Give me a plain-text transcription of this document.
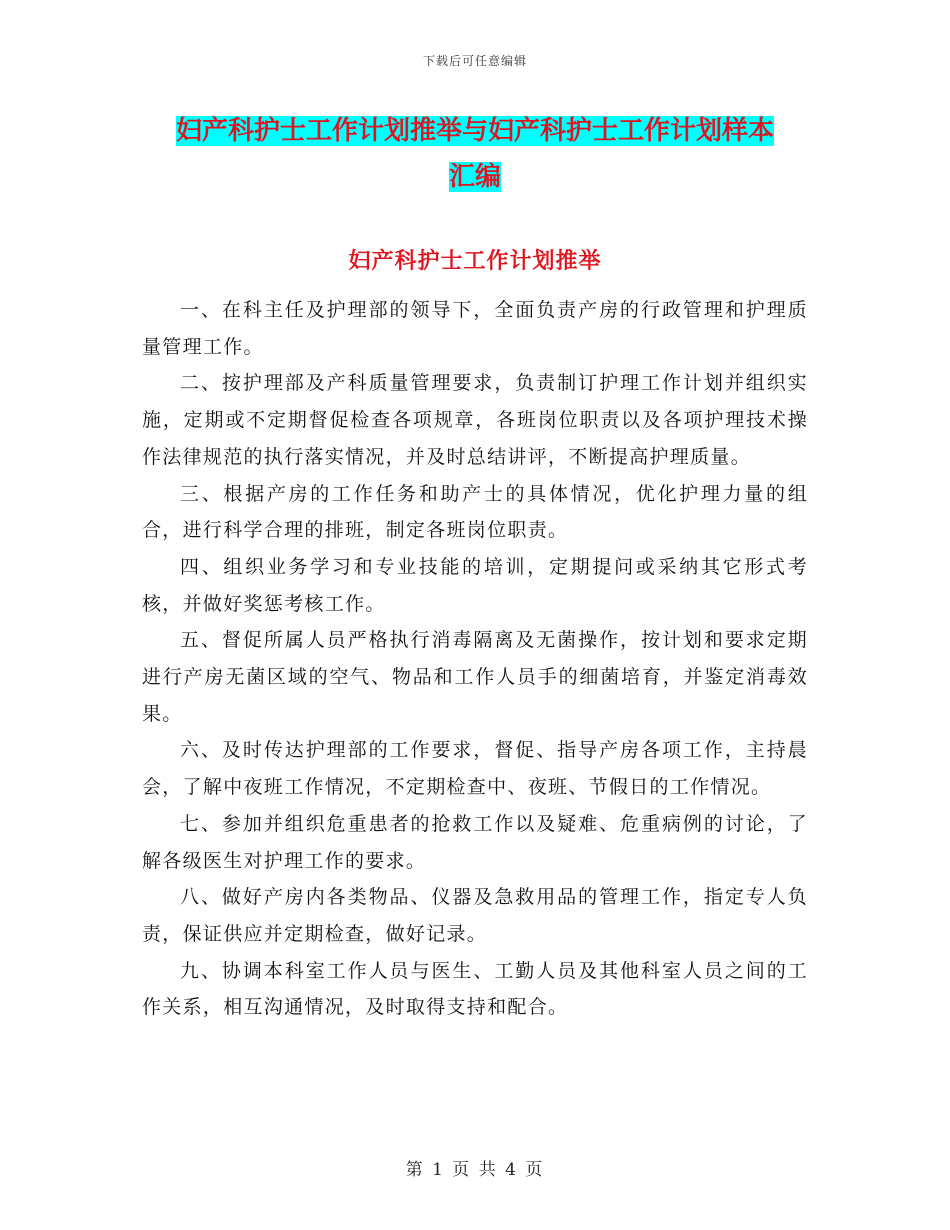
下载后可任意编辑
妇产科护士工作计划推举与妇产科护士工作计划样本
汇编
妇产科护士工作计划推举

一、在科主任及护理部的领导下，全面负责产房的行政管理和护理质量管理工作。

二、按护理部及产科质量管理要求，负责制订护理工作计划并组织实施，定期或不定期督促检查各项规章，各班岗位职责以及各项护理技术操作法律规范的执行落实情况，并及时总结讲评，不断提高护理质量。

三、根据产房的工作任务和助产士的具体情况，优化护理力量的组合，进行科学合理的排班，制定各班岗位职责。

四、组织业务学习和专业技能的培训，定期提问或采纳其它形式考核，并做好奖惩考核工作。

五、督促所属人员严格执行消毒隔离及无菌操作，按计划和要求定期进行产房无菌区域的空气、物品和工作人员手的细菌培育，并鉴定消毒效果。

六、及时传达护理部的工作要求，督促、指导产房各项工作，主持晨会，了解中夜班工作情况，不定期检查中、夜班、节假日的工作情况。

七、参加并组织危重患者的抢救工作以及疑难、危重病例的讨论，了解各级医生对护理工作的要求。

八、做好产房内各类物品、仪器及急救用品的管理工作，指定专人负责，保证供应并定期检查，做好记录。

九、协调本科室工作人员与医生、工勤人员及其他科室人员之间的工作关系，相互沟通情况，及时取得支持和配合。

第 1 页 共 4 页
